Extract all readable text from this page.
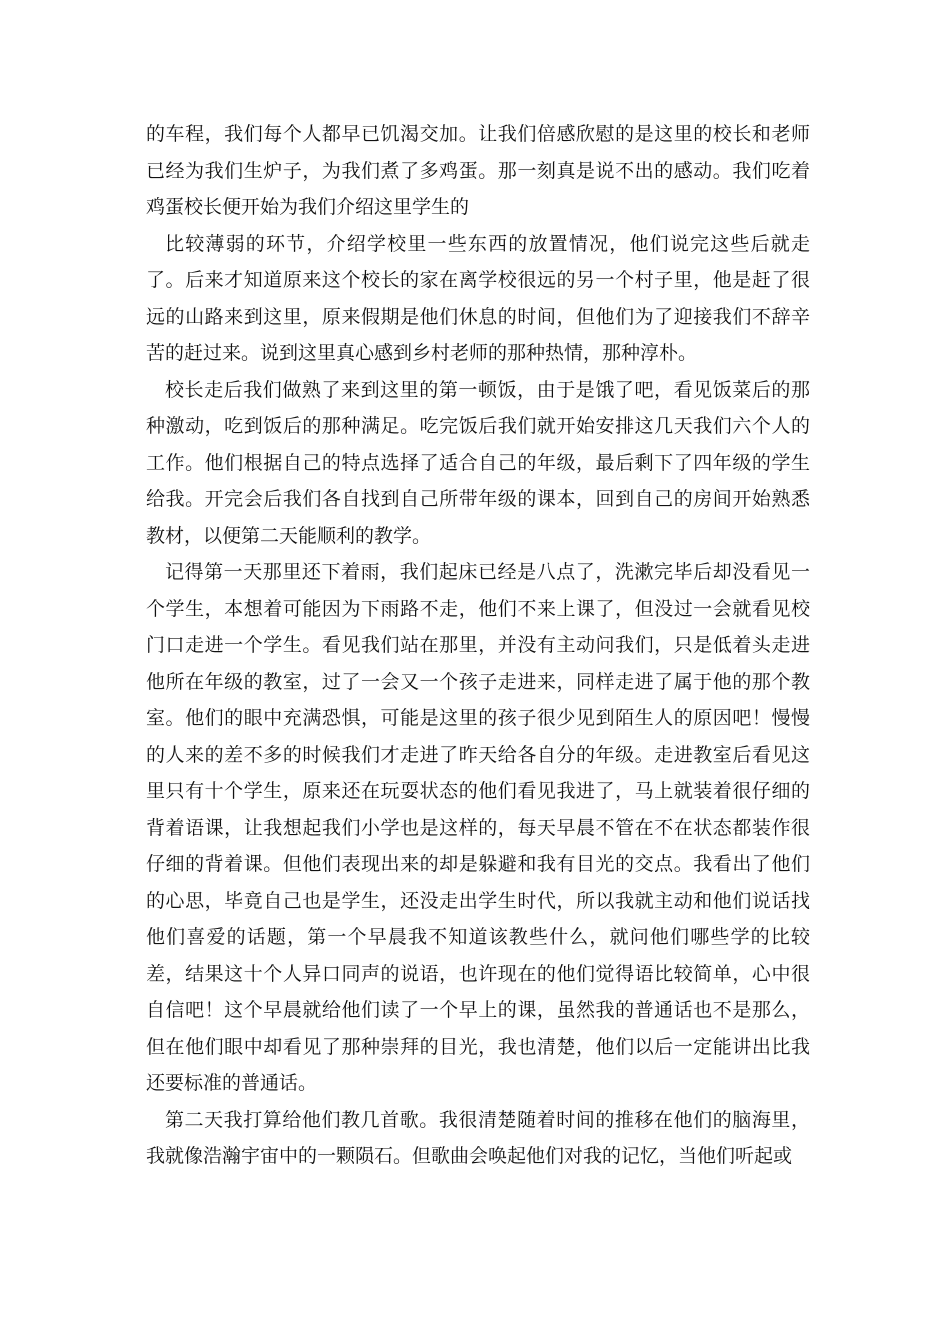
的车程，我们每个人都早已饥渴交加。让我们倍感欣慰的是这里的校长和老师已经为我们生炉子，为我们煮了多鸡蛋。那一刻真是说不出的感动。我们吃着鸡蛋校长便开始为我们介绍这里学生的

比较薄弱的环节，介绍学校里一些东西的放置情况，他们说完这些后就走了。后来才知道原来这个校长的家在离学校很远的另一个村子里，他是赶了很远的山路来到这里，原来假期是他们休息的时间，但他们为了迎接我们不辞辛苦的赶过来。说到这里真心感到乡村老师的那种热情，那种淳朴。

校长走后我们做熟了来到这里的第一顿饭，由于是饿了吧，看见饭菜后的那种激动，吃到饭后的那种满足。吃完饭后我们就开始安排这几天我们六个人的工作。他们根据自己的特点选择了适合自己的年级，最后剩下了四年级的学生给我。开完会后我们各自找到自己所带年级的课本，回到自己的房间开始熟悉教材，以便第二天能顺利的教学。

记得第一天那里还下着雨，我们起床已经是八点了，洗漱完毕后却没看见一个学生，本想着可能因为下雨路不走，他们不来上课了，但没过一会就看见校门口走进一个学生。看见我们站在那里，并没有主动问我们，只是低着头走进他所在年级的教室，过了一会又一个孩子走进来，同样走进了属于他的那个教室。他们的眼中充满恐惧，可能是这里的孩子很少见到陌生人的原因吧！慢慢的人来的差不多的时候我们才走进了昨天给各自分的年级。走进教室后看见这里只有十个学生，原来还在玩耍状态的他们看见我进了，马上就装着很仔细的背着语课，让我想起我们小学也是这样的，每天早晨不管在不在状态都装作很仔细的背着课。但他们表现出来的却是躲避和我有目光的交点。我看出了他们的心思，毕竟自己也是学生，还没走出学生时代，所以我就主动和他们说话找他们喜爱的话题，第一个早晨我不知道该教些什么，就问他们哪些学的比较差，结果这十个人异口同声的说语，也许现在的他们觉得语比较简单，心中很自信吧！这个早晨就给他们读了一个早上的课，虽然我的普通话也不是那么，但在他们眼中却看见了那种崇拜的目光，我也清楚，他们以后一定能讲出比我还要标准的普通话。

第二天我打算给他们教几首歌。我很清楚随着时间的推移在他们的脑海里，我就像浩瀚宇宙中的一颗陨石。但歌曲会唤起他们对我的记忆，当他们听起或
